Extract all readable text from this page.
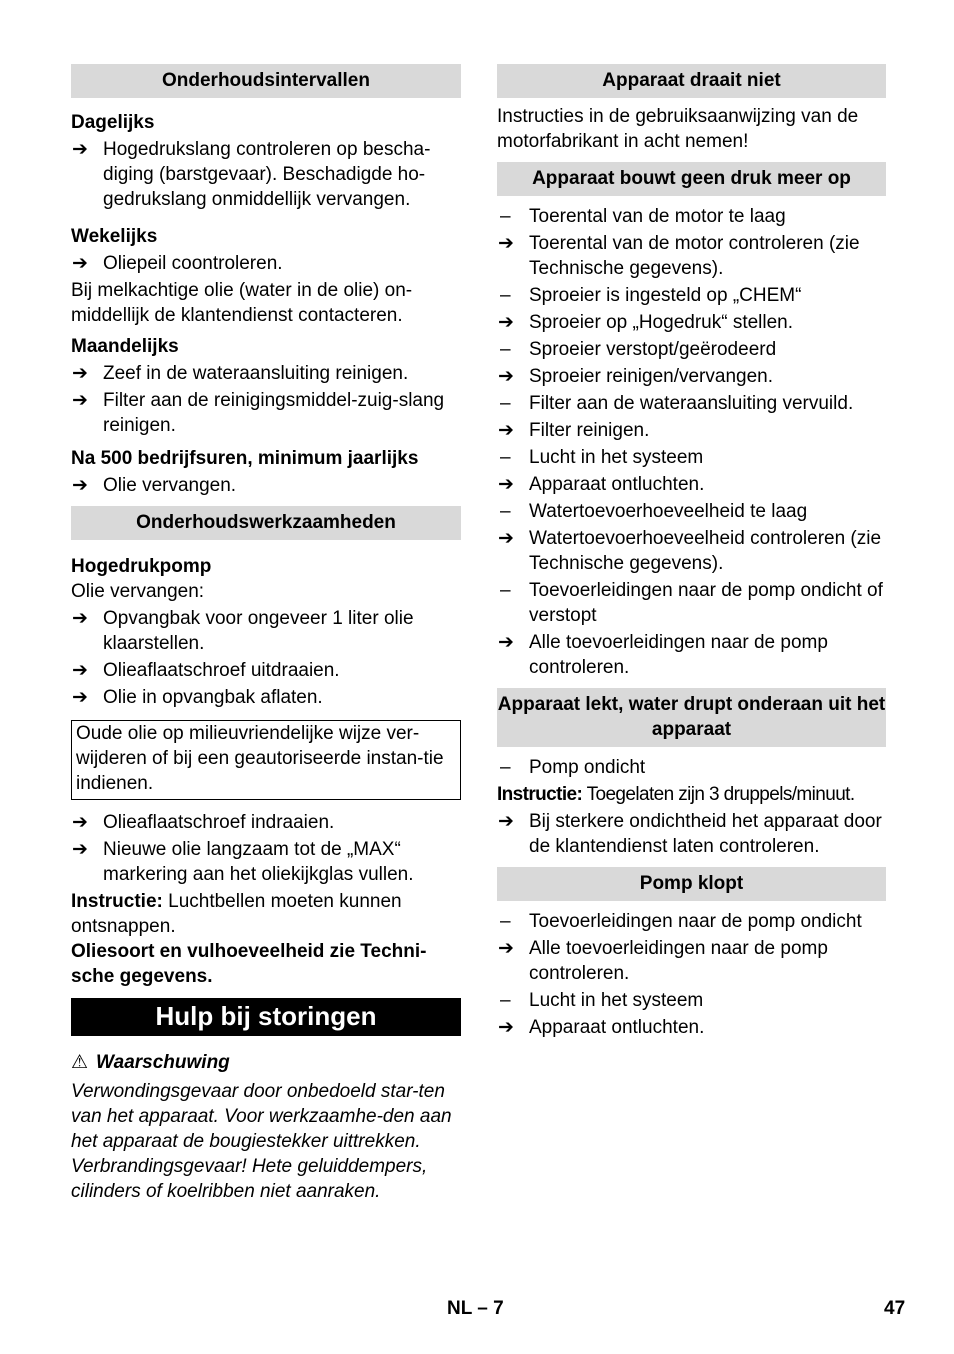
Onderhoudsintervallen
Dagelijks
➔ Hogedrukslang controleren op bescha-diging (barstgevaar). Beschadigde ho-gedrukslang onmiddellijk vervangen.
Wekelijks
➔ Oliepeil coontroleren.
Bij melkachtige olie (water in de olie) on-middellijk de klantendienst contacteren.
Maandelijks
➔ Zeef in de wateraansluiting reinigen.
➔ Filter aan de reinigingsmiddel-zuig-slang reinigen.
Na 500 bedrijfsuren, minimum jaarlijks
➔ Olie vervangen.
Onderhoudswerkzaamheden
Hogedrukpomp
Olie vervangen:
➔ Opvangbak voor ongeveer 1 liter olie klaarstellen.
➔ Olieaflaatschroef uitdraaien.
➔ Olie in opvangbak aflaten.
Oude olie op milieuvriendelijke wijze ver-wijderen of bij een geautoriseerde instan-tie indienen.
➔ Olieaflaatschroef indraaien.
➔ Nieuwe olie langzaam tot de „MAX“ markering aan het oliekijkglas vullen.
Instructie: Luchtbellen moeten kunnen ontsnappen.
Oliesoort en vulhoeveelheid zie Techni-sche gegevens.
Hulp bij storingen
⚠ Waarschuwing
Verwondingsgevaar door onbedoeld star-ten van het apparaat. Voor werkzaamhe-den aan het apparaat de bougiestekker uittrekken.
Verbrandingsgevaar! Hete geluiddempers, cilinders of koelribben niet aanraken.
Apparaat draait niet
Instructies in de gebruiksaanwijzing van de motorfabrikant in acht nemen!
Apparaat bouwt geen druk meer op
– Toerental van de motor te laag
➔ Toerental van de motor controleren (zie Technische gegevens).
– Sproeier is ingesteld op „CHEM“
➔ Sproeier op „Hogedruk“ stellen.
– Sproeier verstopt/geërodeerd
➔ Sproeier reinigen/vervangen.
– Filter aan de wateraansluiting vervuild.
➔ Filter reinigen.
– Lucht in het systeem
➔ Apparaat ontluchten.
– Watertoevoerhoeveelheid te laag
➔ Watertoevoerhoeveelheid controleren (zie Technische gegevens).
– Toevoerleidingen naar de pomp ondicht of verstopt
➔ Alle toevoerleidingen naar de pomp controleren.
Apparaat lekt, water drupt onderaan uit het apparaat
– Pomp ondicht
Instructie: Toegelaten zijn 3 druppels/minuut.
➔ Bij sterkere ondichtheid het apparaat door de klantendienst laten controleren.
Pomp klopt
– Toevoerleidingen naar de pomp ondicht
➔ Alle toevoerleidingen naar de pomp controleren.
– Lucht in het systeem
➔ Apparaat ontluchten.
NL – 7	47
